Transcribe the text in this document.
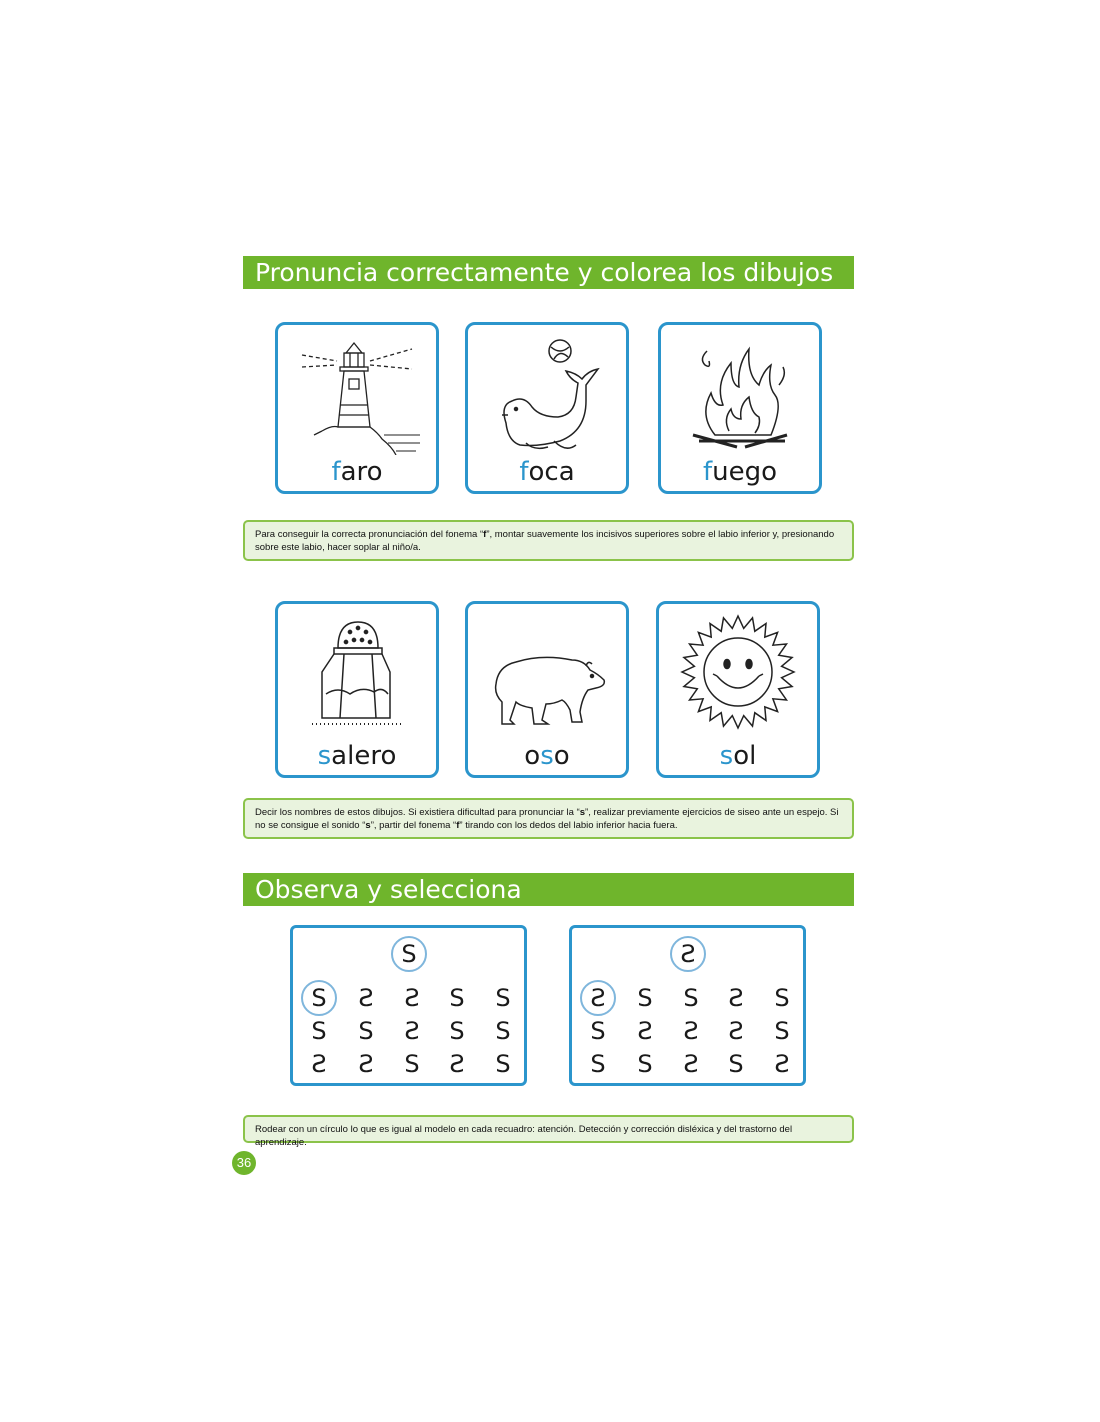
Pronuncia correctamente y colorea los dibujos
faro	foca	fuego
Para conseguir la correcta pronunciación del fonema “f”, montar suavemente los incisivos superiores sobre el labio inferior y, presionando sobre este labio, hacer soplar al niño/a.
salero	oso	sol
Decir los nombres de estos dibujos. Si existiera dificultad para pronunciar la “s”, realizar previamente ejercicios de siseo ante un espejo. Si no se consigue el sonido “s”, partir del fonema “f” tirando con los dedos del labio inferior hacia fuera.
Observa y selecciona
S
S	S	S	S	S
S	S	S	S	S
S	S	S	S	S
S
S	S	S	S	S
S	S	S	S	S
S	S	S	S	S
Rodear con un círculo lo que es igual al modelo en cada recuadro: atención. Detección y corrección disléxica y del trastorno del aprendizaje.
36
